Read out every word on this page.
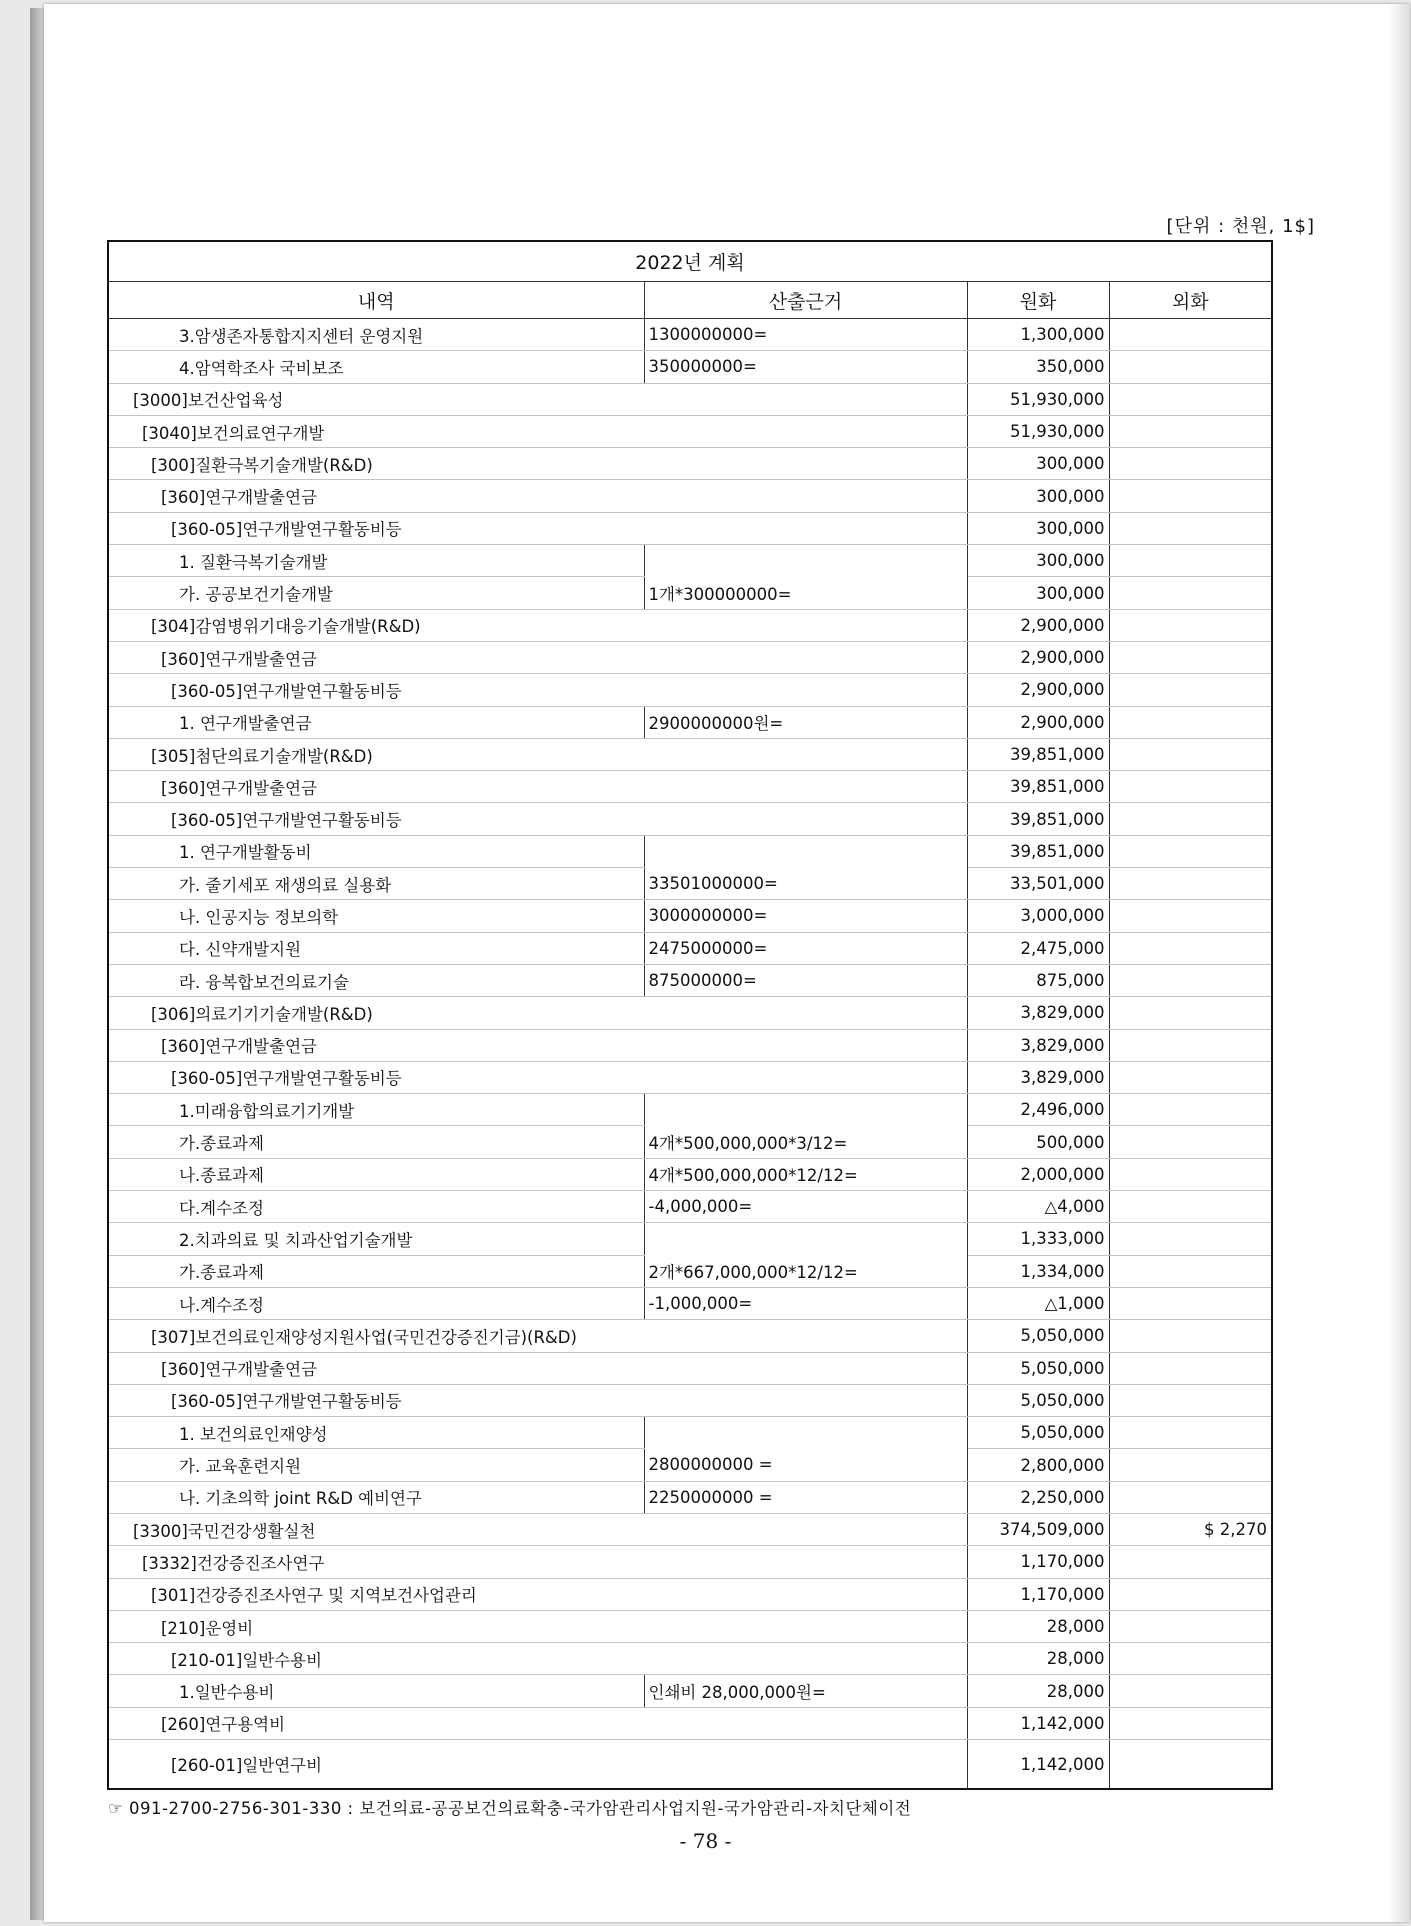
[단위 : 천원, 1$]
2022년 계획			
내역	산출근거	원화	외화
3.암생존자통합지지센터 운영지원	1300000000=	1,300,000	
4.암역학조사 국비보조	350000000=	350,000	
[3000]보건산업육성		51,930,000	
[3040]보건의료연구개발		51,930,000	
[300]질환극복기술개발(R&D)		300,000	
[360]연구개발출연금		300,000	
[360-05]연구개발연구활동비등		300,000	
1. 질환극복기술개발		300,000	
가. 공공보건기술개발	1개*300000000=	300,000	
[304]감염병위기대응기술개발(R&D)		2,900,000	
[360]연구개발출연금		2,900,000	
[360-05]연구개발연구활동비등		2,900,000	
1. 연구개발출연금	2900000000원=	2,900,000	
[305]첨단의료기술개발(R&D)		39,851,000	
[360]연구개발출연금		39,851,000	
[360-05]연구개발연구활동비등		39,851,000	
1. 연구개발활동비		39,851,000	
가. 줄기세포 재생의료 실용화	33501000000=	33,501,000	
나. 인공지능 정보의학	3000000000=	3,000,000	
다. 신약개발지원	2475000000=	2,475,000	
라. 융복합보건의료기술	875000000=	875,000	
[306]의료기기기술개발(R&D)		3,829,000	
[360]연구개발출연금		3,829,000	
[360-05]연구개발연구활동비등		3,829,000	
1.미래융합의료기기개발		2,496,000	
가.종료과제	4개*500,000,000*3/12=	500,000	
나.종료과제	4개*500,000,000*12/12=	2,000,000	
다.계수조정	-4,000,000=	△4,000	
2.치과의료 및 치과산업기술개발		1,333,000	
가.종료과제	2개*667,000,000*12/12=	1,334,000	
나.계수조정	-1,000,000=	△1,000	
[307]보건의료인재양성지원사업(국민건강증진기금)(R&D)		5,050,000	
[360]연구개발출연금		5,050,000	
[360-05]연구개발연구활동비등		5,050,000	
1. 보건의료인재양성		5,050,000	
가. 교육훈련지원	2800000000 =	2,800,000	
나. 기초의학 joint R&D 예비연구	2250000000 =	2,250,000	
[3300]국민건강생활실천		374,509,000	$ 2,270
[3332]건강증진조사연구		1,170,000	
[301]건강증진조사연구 및 지역보건사업관리		1,170,000	
[210]운영비		28,000	
[210-01]일반수용비		28,000	
1.일반수용비	인쇄비 28,000,000원=	28,000	
[260]연구용역비		1,142,000	
[260-01]일반연구비		1,142,000	
☞ 091-2700-2756-301-330 : 보건의료-공공보건의료확충-국가암관리사업지원-국가암관리-자치단체이전
- 78 -
